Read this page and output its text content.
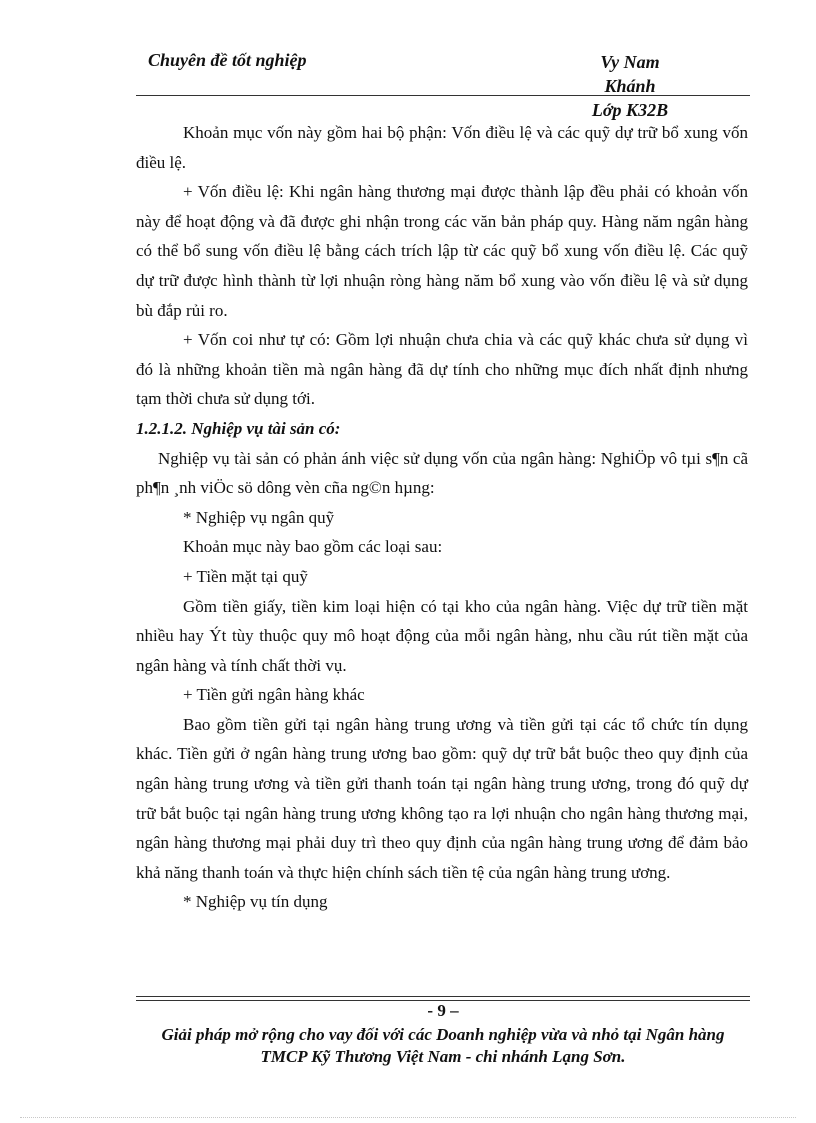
Chuyên đề tốt nghiệp	Vy Nam Khánh
Lớp K32B

Khoản mục vốn này gồm hai bộ phận: Vốn điều lệ và các quỹ dự trữ bổ xung vốn điều lệ.

+ Vốn điều lệ: Khi ngân hàng thương mại được thành lập đều phải có khoản vốn này để hoạt động và đã được ghi nhận trong các văn bản pháp quy. Hàng năm ngân hàng có thể bổ sung vốn điều lệ bằng cách trích lập từ các quỹ bổ xung vốn điều lệ. Các quỹ dự trữ được hình thành từ lợi nhuận ròng hàng năm bổ xung vào vốn điều lệ và sử dụng bù đắp rủi ro.

+ Vốn coi như tự có: Gồm lợi nhuận chưa chia và các quỹ khác chưa sử dụng vì đó là những khoản tiền mà ngân hàng đã dự tính cho những mục đích nhất định nhưng tạm thời chưa sử dụng tới.

1.2.1.2. Nghiệp vụ tài sản có:

Nghiệp vụ tài sản có phản ánh việc sử dụng vốn của ngân hàng: NghiÖp vô tµi s¶n cã ph¶n ¸nh viÖc sö dông vèn cña ng©n hµng:

* Nghiệp vụ ngân quỹ

Khoản mục này bao gồm các loại sau:

+ Tiền mặt tại quỹ

Gồm tiền giấy, tiền kim loại hiện có tại kho của ngân hàng. Việc dự trữ tiền mặt nhiều hay Ýt tùy thuộc quy mô hoạt động của mỗi ngân hàng, nhu cầu rút tiền mặt của ngân hàng và tính chất thời vụ.

+ Tiền gửi ngân hàng khác

Bao gồm tiền gửi tại ngân hàng trung ương và tiền gửi tại các tổ chức tín dụng khác. Tiền gửi ở ngân hàng trung ương bao gồm: quỹ dự trữ bắt buộc theo quy định của ngân hàng trung ương và tiền gửi thanh toán tại ngân hàng trung ương, trong đó quỹ dự trữ bắt buộc tại ngân hàng trung ương không tạo ra lợi nhuận cho ngân hàng thương mại, ngân hàng thương mại phải duy trì theo quy định của ngân hàng trung ương để đảm bảo khả năng thanh toán và thực hiện chính sách tiền tệ của ngân hàng trung ương.

* Nghiệp vụ tín dụng

- 9 –
Giải pháp mở rộng cho vay đối với các Doanh nghiệp vừa và nhỏ tại Ngân hàng TMCP Kỹ Thương Việt Nam - chi nhánh Lạng Sơn.
